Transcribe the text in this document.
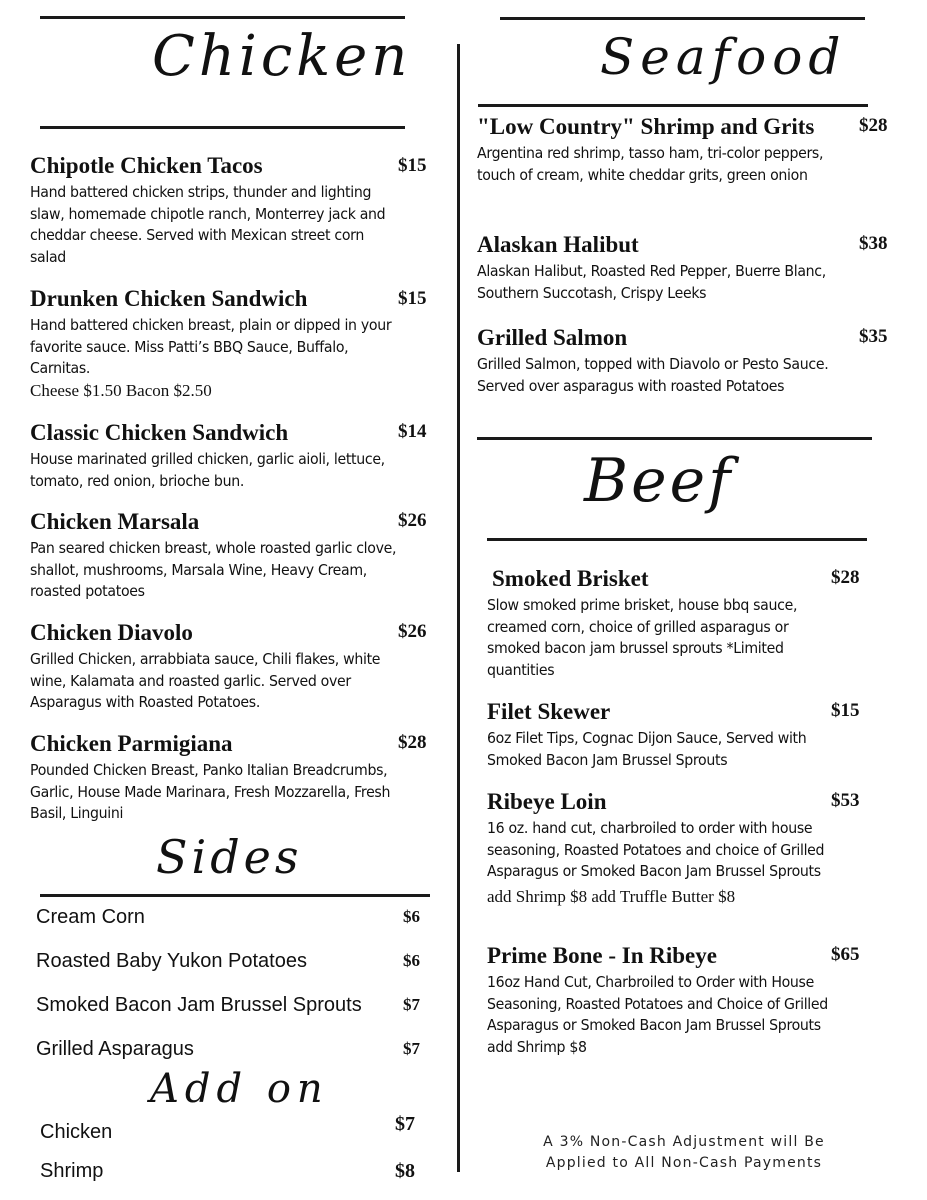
Chicken
Chipotle Chicken Tacos
Hand battered chicken strips, thunder and lighting slaw, homemade chipotle ranch, Monterrey jack and cheddar cheese. Served with Mexican street corn salad
$15
Drunken Chicken Sandwich
Hand battered chicken breast, plain or dipped in your favorite sauce. Miss Patti’s BBQ Sauce, Buffalo, Carnitas.
Cheese $1.50 Bacon $2.50
$15
Classic Chicken Sandwich
House marinated grilled chicken, garlic aioli, lettuce, tomato, red onion, brioche bun.
$14
Chicken Marsala
Pan seared chicken breast, whole roasted garlic clove, shallot, mushrooms, Marsala Wine, Heavy Cream, roasted potatoes
$26
Chicken Diavolo
Grilled Chicken, arrabbiata sauce, Chili flakes, white wine, Kalamata and roasted garlic. Served over Asparagus with Roasted Potatoes.
$26
Chicken Parmigiana
Pounded Chicken Breast, Panko Italian Breadcrumbs, Garlic, House Made Marinara, Fresh Mozzarella, Fresh Basil, Linguini
$28
Sides
Cream Corn	$6
Roasted Baby Yukon Potatoes	$6
Smoked Bacon Jam Brussel Sprouts $7
Grilled Asparagus	$7
Add on
Chicken	$7
Shrimp	$8
Seafood
"Low Country" Shrimp and Grits
Argentina red shrimp, tasso ham, tri-color peppers, touch of cream, white cheddar grits, green onion
$28
Alaskan Halibut
Alaskan Halibut, Roasted Red Pepper, Buerre Blanc, Southern Succotash, Crispy Leeks
$38
Grilled Salmon
Grilled Salmon, topped with Diavolo or Pesto Sauce. Served over asparagus with roasted Potatoes
$35
Beef
Smoked Brisket
Slow smoked prime brisket, house bbq sauce, creamed corn, choice of grilled asparagus or smoked bacon jam brussel sprouts *Limited quantities
$28
Filet Skewer
6oz Filet Tips, Cognac Dijon Sauce, Served with Smoked Bacon Jam Brussel Sprouts
$15
Ribeye Loin
16 oz. hand cut, charbroiled to order with house seasoning, Roasted Potatoes and choice of Grilled Asparagus or Smoked Bacon Jam Brussel Sprouts
add Shrimp $8 add Truffle Butter $8
$53
Prime Bone - In Ribeye
16oz Hand Cut, Charbroiled to Order with House Seasoning, Roasted Potatoes and Choice of Grilled Asparagus or Smoked Bacon Jam Brussel Sprouts
add Shrimp $8
$65
A 3% Non-Cash Adjustment will Be Applied to All Non-Cash Payments
